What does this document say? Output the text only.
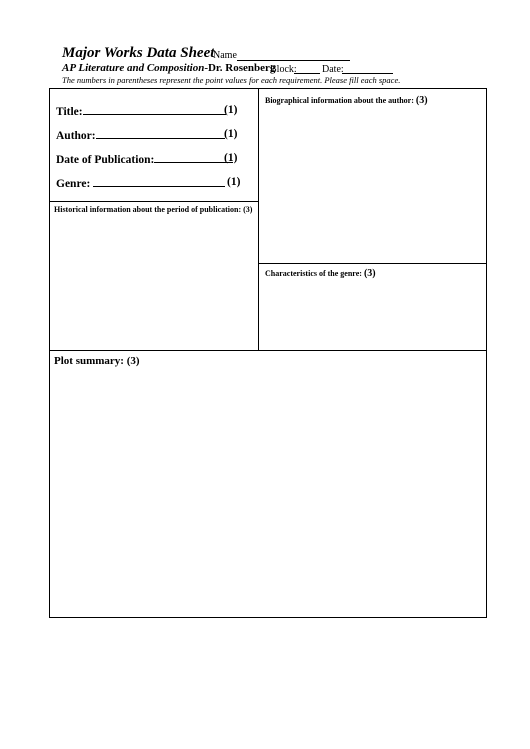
Major Works Data Sheet
Name
AP Literature and Composition-Dr. Rosenberg
Block:	Date:
The numbers in parentheses represent the point values for each requirement. Please fill each space.
Title:	(1)
Author:	(1)
Date of Publication:	(1)
Genre:	(1)
Biographical information about the author: (3)
Historical information about the period of publication: (3)
Characteristics of the genre: (3)
Plot summary: (3)
